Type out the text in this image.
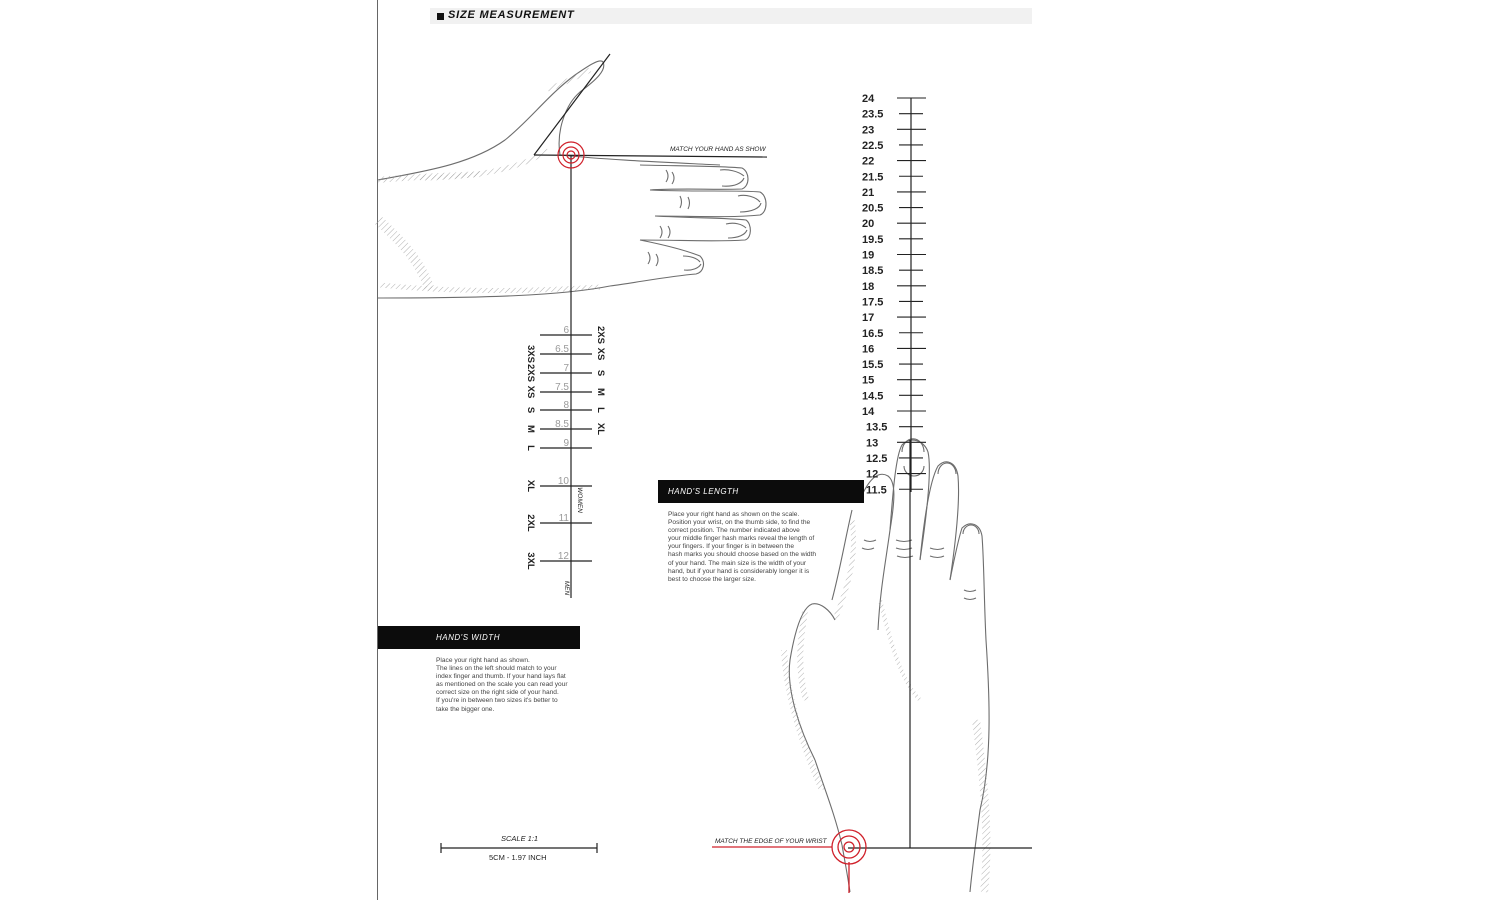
SIZE MEASUREMENT
6
6.5
7
7.5
8
8.5
9
10
11
12
2XS
XS
S
M
L
XL
3XS
2XS
XS
S
M
L
XL
2XL
3XL
WOMEN
MEN
24
23.5
23
22.5
22
21.5
21
20.5
20
19.5
19
18.5
18
17.5
17
16.5
16
15.5
15
14.5
14
13.5
13
12.5
12
11.5
MATCH YOUR HAND AS SHOW
MATCH THE EDGE OF YOUR WRIST
HAND'S WIDTH
Place your right hand as shown.
The lines on the left should match to your
index finger and thumb. If your hand lays flat
as mentioned on the scale you can read your
correct size on the right side of your hand.
If you're in between two sizes it's better to
take the bigger one.
HAND'S LENGTH
Place your right hand as shown on the scale.
Position your wrist, on the thumb side, to find the
correct position. The number indicated above
your middle finger hash marks reveal the length of
your fingers. If your finger is in between the
hash marks you should choose based on the width
of your hand. The main size is the width of your
hand, but if your hand is considerably longer it is
best to choose the larger size.
SCALE 1:1
5CM - 1.97 INCH
